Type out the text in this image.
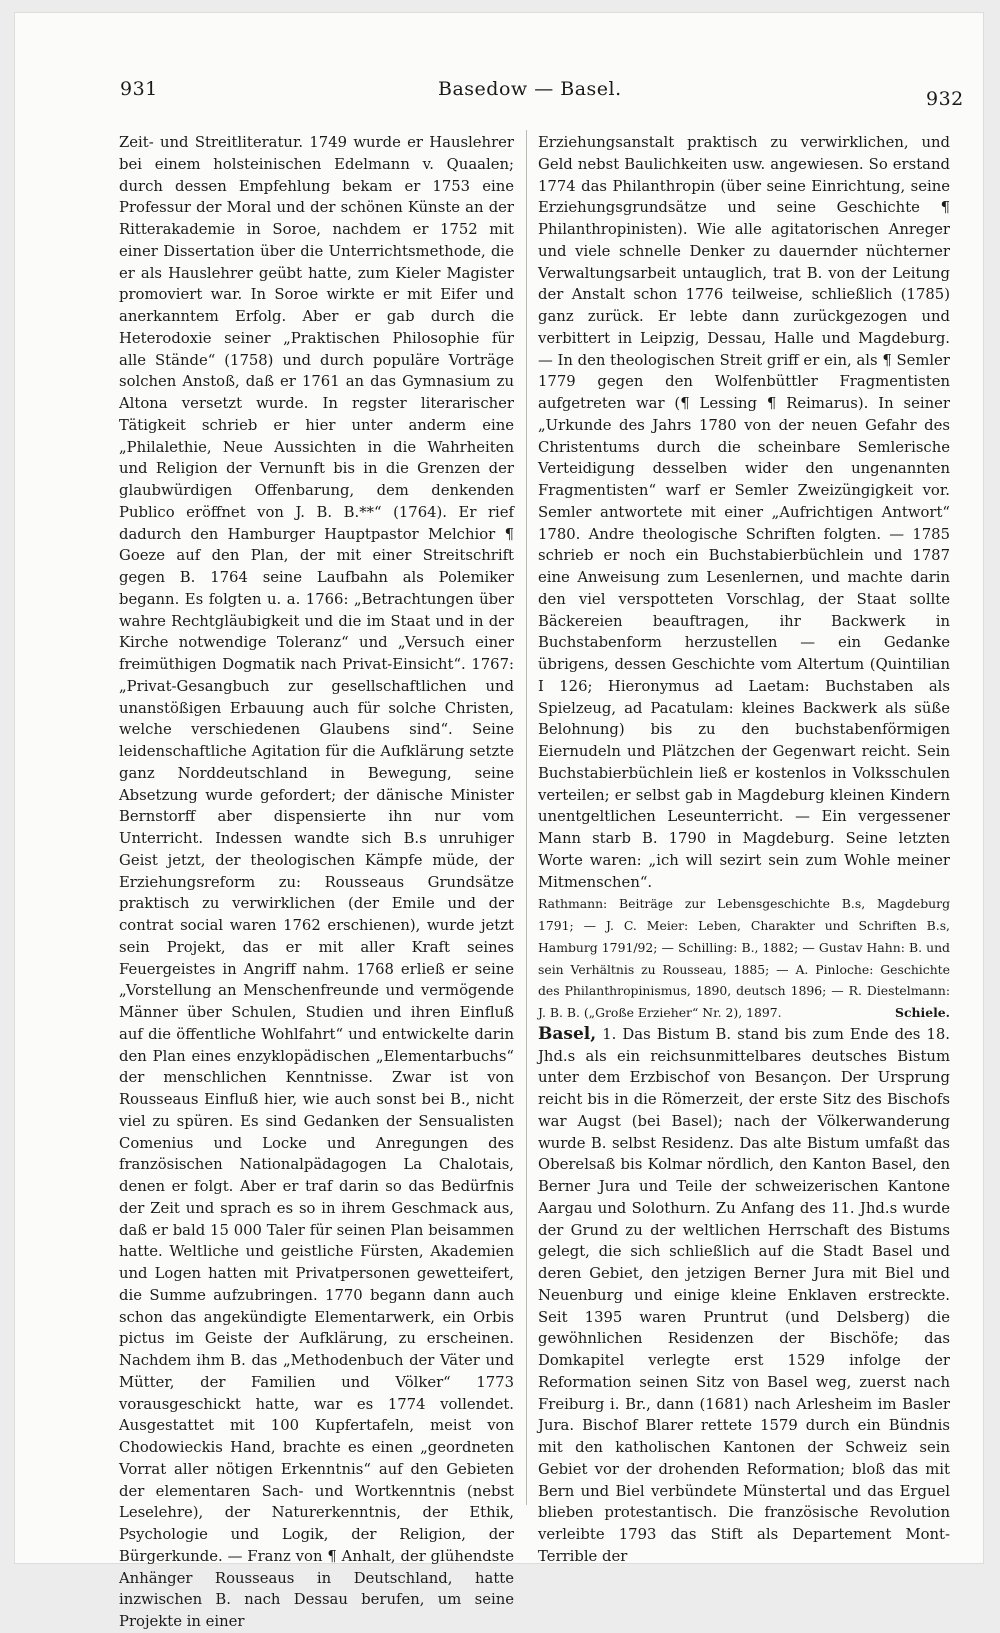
931	Basedow — Basel.	932

Zeit- und Streitliteratur. 1749 wurde er Hauslehrer bei einem holsteinischen Edelmann v. Quaalen; durch dessen Empfehlung bekam er 1753 eine Professur der Moral und der schönen Künste an der Ritterakademie in Soroe, nachdem er 1752 mit einer Dissertation über die Unterrichtsmethode, die er als Hauslehrer geübt hatte, zum Kieler Magister promoviert war. In Soroe wirkte er mit Eifer und anerkanntem Erfolg. Aber er gab durch die Heterodoxie seiner „Praktischen Philosophie für alle Stände“ (1758) und durch populäre Vorträge solchen Anstoß, daß er 1761 an das Gymnasium zu Altona versetzt wurde. In regster literarischer Tätigkeit schrieb er hier unter anderm eine „Philalethie, Neue Aussichten in die Wahrheiten und Religion der Vernunft bis in die Grenzen der glaubwürdigen Offenbarung, dem denkenden Publico eröffnet von J. B. B.**“ (1764). Er rief dadurch den Hamburger Hauptpastor Melchior ¶ Goeze auf den Plan, der mit einer Streitschrift gegen B. 1764 seine Laufbahn als Polemiker begann. Es folgten u. a. 1766: „Betrachtungen über wahre Rechtgläubigkeit und die im Staat und in der Kirche notwendige Toleranz“ und „Versuch einer freimüthigen Dogmatik nach Privat-Einsicht“. 1767: „Privat-Gesangbuch zur gesellschaftlichen und unanstößigen Erbauung auch für solche Christen, welche verschiedenen Glaubens sind“. Seine leidenschaftliche Agitation für die Aufklärung setzte ganz Norddeutschland in Bewegung, seine Absetzung wurde gefordert; der dänische Minister Bernstorff aber dispensierte ihn nur vom Unterricht. Indessen wandte sich B.s unruhiger Geist jetzt, der theologischen Kämpfe müde, der Erziehungsreform zu: Rousseaus Grundsätze praktisch zu verwirklichen (der Emile und der contrat social waren 1762 erschienen), wurde jetzt sein Projekt, das er mit aller Kraft seines Feuergeistes in Angriff nahm. 1768 erließ er seine „Vorstellung an Menschenfreunde und vermögende Männer über Schulen, Studien und ihren Einfluß auf die öffentliche Wohlfahrt“ und entwickelte darin den Plan eines enzyklopädischen „Elementarbuchs“ der menschlichen Kenntnisse. Zwar ist von Rousseaus Einfluß hier, wie auch sonst bei B., nicht viel zu spüren. Es sind Gedanken der Sensualisten Comenius und Locke und Anregungen des französischen Nationalpädagogen La Chalotais, denen er folgt. Aber er traf darin so das Bedürfnis der Zeit und sprach es so in ihrem Geschmack aus, daß er bald 15 000 Taler für seinen Plan beisammen hatte. Weltliche und geistliche Fürsten, Akademien und Logen hatten mit Privatpersonen gewetteifert, die Summe aufzubringen. 1770 begann dann auch schon das angekündigte Elementarwerk, ein Orbis pictus im Geiste der Aufklärung, zu erscheinen. Nachdem ihm B. das „Methodenbuch der Väter und Mütter, der Familien und Völker“ 1773 vorausgeschickt hatte, war es 1774 vollendet. Ausgestattet mit 100 Kupfertafeln, meist von Chodowieckis Hand, brachte es einen „geordneten Vorrat aller nötigen Erkenntnis“ auf den Gebieten der elementaren Sach- und Wortkenntnis (nebst Leselehre), der Naturerkenntnis, der Ethik, Psychologie und Logik, der Religion, der Bürgerkunde. — Franz von ¶ Anhalt, der glühendste Anhänger Rousseaus in Deutschland, hatte inzwischen B. nach Dessau berufen, um seine Projekte in einer

Erziehungsanstalt praktisch zu verwirklichen, und Geld nebst Baulichkeiten usw. angewiesen. So erstand 1774 das Philanthropin (über seine Einrichtung, seine Erziehungsgrundsätze und seine Geschichte ¶ Philanthropinisten). Wie alle agitatorischen Anreger und viele schnelle Denker zu dauernder nüchterner Verwaltungsarbeit untauglich, trat B. von der Leitung der Anstalt schon 1776 teilweise, schließlich (1785) ganz zurück. Er lebte dann zurückgezogen und verbittert in Leipzig, Dessau, Halle und Magdeburg. — In den theologischen Streit griff er ein, als ¶ Semler 1779 gegen den Wolfenbüttler Fragmentisten aufgetreten war (¶ Lessing ¶ Reimarus). In seiner „Urkunde des Jahrs 1780 von der neuen Gefahr des Christentums durch die scheinbare Semlerische Verteidigung desselben wider den ungenannten Fragmentisten“ warf er Semler Zweizüngigkeit vor. Semler antwortete mit einer „Aufrichtigen Antwort“ 1780. Andre theologische Schriften folgten. — 1785 schrieb er noch ein Buchstabierbüchlein und 1787 eine Anweisung zum Lesenlernen, und machte darin den viel verspotteten Vorschlag, der Staat sollte Bäckereien beauftragen, ihr Backwerk in Buchstabenform herzustellen — ein Gedanke übrigens, dessen Geschichte vom Altertum (Quintilian I 126; Hieronymus ad Laetam: Buchstaben als Spielzeug, ad Pacatulam: kleines Backwerk als süße Belohnung) bis zu den buchstabenförmigen Eiernudeln und Plätzchen der Gegenwart reicht. Sein Buchstabierbüchlein ließ er kostenlos in Volksschulen verteilen; er selbst gab in Magdeburg kleinen Kindern unentgeltlichen Leseunterricht. — Ein vergessener Mann starb B. 1790 in Magdeburg. Seine letzten Worte waren: „ich will sezirt sein zum Wohle meiner Mitmenschen“.

Rathmann: Beiträge zur Lebensgeschichte B.s, Magdeburg 1791; — J. C. Meier: Leben, Charakter und Schriften B.s, Hamburg 1791/92; — Schilling: B., 1882; — Gustav Hahn: B. und sein Verhältnis zu Rousseau, 1885; — A. Pinloche: Geschichte des Philanthropinismus, 1890, deutsch 1896; — R. Diestelmann: J. B. B. („Große Erzieher“ Nr. 2), 1897.	Schiele.

Basel, 1. Das Bistum B. stand bis zum Ende des 18. Jhd.s als ein reichsunmittelbares deutsches Bistum unter dem Erzbischof von Besançon. Der Ursprung reicht bis in die Römerzeit, der erste Sitz des Bischofs war Augst (bei Basel); nach der Völkerwanderung wurde B. selbst Residenz. Das alte Bistum umfaßt das Oberelsaß bis Kolmar nördlich, den Kanton Basel, den Berner Jura und Teile der schweizerischen Kantone Aargau und Solothurn. Zu Anfang des 11. Jhd.s wurde der Grund zu der weltlichen Herrschaft des Bistums gelegt, die sich schließlich auf die Stadt Basel und deren Gebiet, den jetzigen Berner Jura mit Biel und Neuenburg und einige kleine Enklaven erstreckte. Seit 1395 waren Pruntrut (und Delsberg) die gewöhnlichen Residenzen der Bischöfe; das Domkapitel verlegte erst 1529 infolge der Reformation seinen Sitz von Basel weg, zuerst nach Freiburg i. Br., dann (1681) nach Arlesheim im Basler Jura. Bischof Blarer rettete 1579 durch ein Bündnis mit den katholischen Kantonen der Schweiz sein Gebiet vor der drohenden Reformation; bloß das mit Bern und Biel verbündete Münstertal und das Erguel blieben protestantisch. Die französische Revolution verleibte 1793 das Stift als Departement Mont-Terrible der
